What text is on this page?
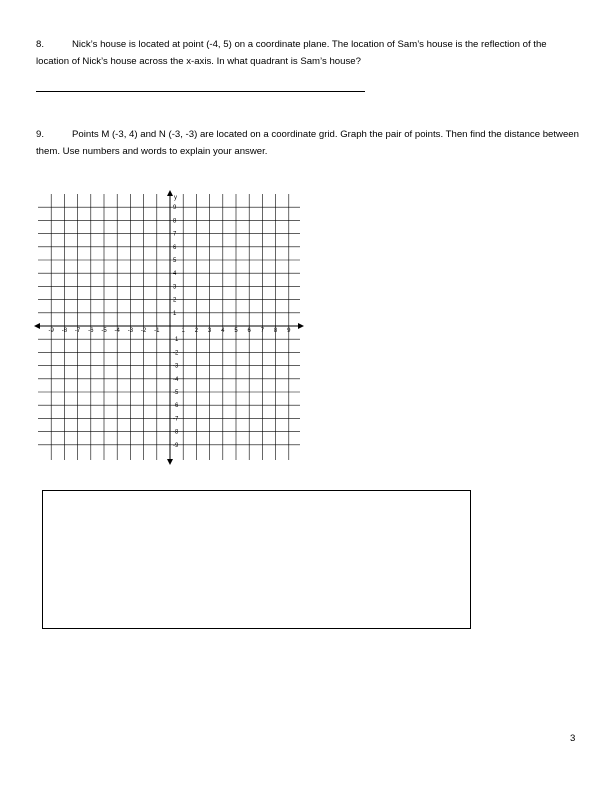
8.	Nick’s house is located at point (-4, 5) on a coordinate plane. The location of Sam’s house is the reflection of the location of Nick’s house across the x-axis. In what quadrant is Sam’s house?
9.	Points M (-3, 4) and N (-3, -3) are located on a coordinate grid. Graph the pair of points. Then find the distance between them. Use numbers and words to explain your answer.
y
-9 -8 -7 -6 -5 -4 -3 -2 -1	1 2 3 4 5 6 7 8 9
9
8
7
6
5
4
3
2
1
-1
-2
-3
-4
-5
-6
-7
-8
-9
3
